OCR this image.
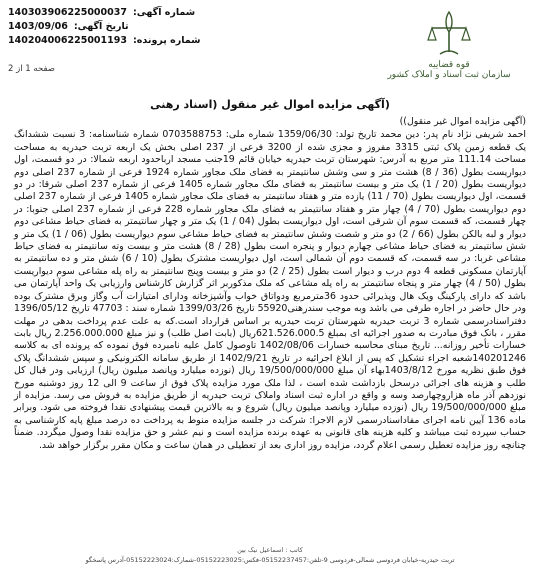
140303906225000037 شماره آگهی:
1403/09/06 تاریخ آگهی:
140204006225001193 شماره پرونده:
صفحه 1 از 2	قوه قضاییه
سازمان ثبت اسناد و املاک کشور
(آگهی مزایده اموال غیر منقول (اسناد رهنی
(آگهی مزایده اموال غیر منقول))
احمد شریفی نژاد نام پدر: دین محمد تاریخ تولد: 1359/06/30 شماره ملی: 0703588753 شماره شناسنامه: 3 نسبت ششدانگ یک قطعه زمین پلاک ثبتی 3315 مفروز و مجزی شده از 3200 فرعی از 237 اصلی بخش یک اربعه تربت حیدریه به مساحت مساحت 111.14 متر مربع به آدرس: شهرستان تربت حیدریه خیابان قائم 19جنب مسجد ارباحدود اربعه شمالا: در دو قسمت، اول دیواریست بطول (36 / 8) هشت متر و سی وشش سانتیمتر به فضای ملک مجاور شماره 1924 فرعی از شماره 237 اصلی دوم دیواریست بطول (20 / 1) یک متر و بیست سانتیمتر به فضای ملک مجاور شماره 1405 فرعی از شماره 237 اصلی شرقا: در دو قسمت، اول دیواریست بطول (70 / 11) یازده متر و هفتاد سانتیمتر به فضای ملک مجاور شماره 1405 فرعی از شماره 237 اصلی دوم دیواریست بطول (70 / 4) چهار متر و هفتاد سانتیمتر به فضای ملک مجاور شماره 228 فرعی از شماره 237 اصلی جنوبا: در چهار قسمت، که قسمت سوم آن شرقی است، اول دیواریست بطول (04 / 1) یک متر و چهار سانتیمتر به فضای حیاط مشاعی دوم دیوار و لبه بالکن بطول (66 / 2) دو متر و شصت وشش سانتیمتر به فضای حیاط مشاعی سوم دیواریست بطول (06 / 1) یک متر و شش سانتیمتر به فضای حیاط مشاعی چهارم دیوار و پنجره است بطول (28 / 8) هشت متر و بیست وته سانتیمتر به فضای حیاط مشاعی غربا: در سه قسمت، که قسمت دوم آن شمالی است، اول دیواریست مشترک بطول (10 / 6) شش متر و ده سانتیمتر به آپارتمان مسکونی قطعه 4 دوم درب و دیوار است بطول (25 / 2) دو متر و بیست وپنج سانتیمتر به راه پله مشاعی سوم دیواریست بطول (50 / 4) چهار متر و پنجاه سانتیمتر به راه پله مشاعی که ملک مذکوربر اثر گزارش کارشناس وارزیابی یک واحد آپارتمان می باشد که دارای پارکینگ ویک هال وپذیرائی حدود 36مترمربع ودواتاق خواب وآشپزخانه ودارای امتیازات آب وگاز وبرق مشترک بوده ودر حال حاضر در اجاره طرفی می باشد وبه موجب سندرهنی55920 تاریخ 1399/03/26 شماره سند : 47703 تاریخ 1396/05/12 دفتراسنادرسمی شماره 3 تربت حیدریه شهرستان تربت حیدریه بر اساس قرارداد است.که به علت عدم پرداخت بدهی در مهلت مقرر ، بانک فوق مبادرت به صدور اجرائیه ای بمبلغ 621.526.000.5ریال (بابت اصل طلب) و نیز مبلغ 2.256.000.000 ریال بابت خسارات تأخیر روزانه... تاریخ مبنای محاسبه خسارات 1402/08/06 تاوصول کامل علیه نامبرده فوق نموده که پرونده ای به کلاسه 140201246شعبه اجراء تشکیل که پس از ابلاغ اجرائیه در تاریخ 1402/9/21 از طریق سامانه الکترونیکی و سپس ششدانگ پلاک فوق طبق نظریه مورخ 1403/8/12بهاء آن مبلغ 19/500/000/000 ریال (نوزده میلیارد وپانصد میلیون ریال) ارزیابی ودر قبال کل طلب و هزینه های اجرائی درسحل بازداشت شده است ، لذا ملک مورد مزایده پلاک فوق از ساعت 9 الی 12 روز دوشنبه مورخ نوزدهم آذر ماه هزاروچهارصد وسه و واقع در اداره ثبت اسناد واملاک تربت حیدریه از طریق مزایده به فروش می رسد. مزایده از مبلغ 19/500/000/000 ریال (نوزده میلیارد وپانصد میلیون ریال) شروع و به بالاترین قیمت پیشنهادی نقدا فروخته می شود. وبرابر ماده 136 آیین نامه اجرای مفاداسنادرسمی لازم الاجرا: شرکت در جلسه مزایده منوط به پرداخت ده درصد مبلغ پایه کارشناسی به حساب سپرده ثبت میباشد و کلیه هزینه های قانونی به عهده برنده مزایده است و نیم عشر و حق مزایده نقدا وصول میگردد. ضمناً چنانچه روز مزایده تعطیل رسمی اعلام گردد، مزایده روز اداری بعد از تعطیلی در همان ساعت و مکان مقرر برگزار خواهد شد.
کاتب : اسماعیل نیک بین
تربت حیدریه-خیابان فردوسی شمالی-فردوسی 9-تلفن:05152237457-فکس:05152223025-شمارک:05152223024-آدرس پاسخگو
